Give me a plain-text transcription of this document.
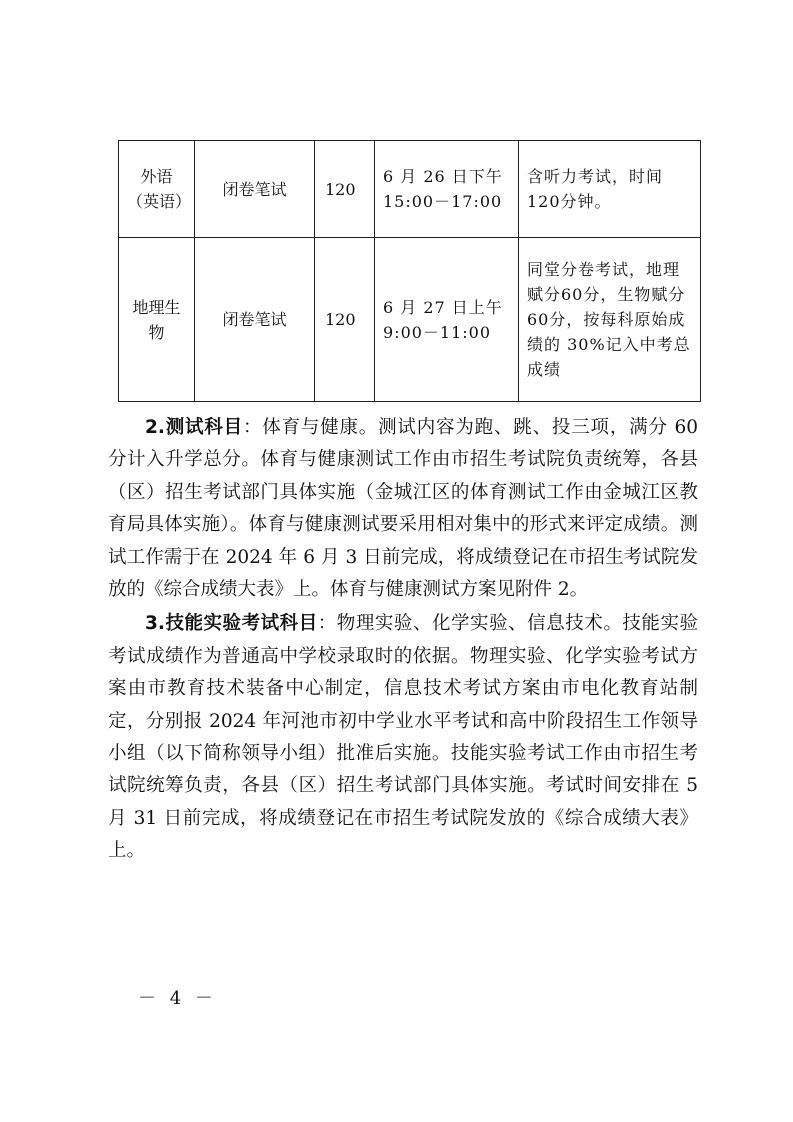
外语（英语）	闭卷笔试	120	6 月 26 日下午 15:00－17:00	含听力考试，时间120分钟。
地理生物	闭卷笔试	120	6 月 27 日上午 9:00－11:00	同堂分卷考试，地理赋分60分，生物赋分60分，按每科原始成绩的 30%记入中考总成绩

2.测试科目：体育与健康。测试内容为跑、跳、投三项，满分 60 分计入升学总分。体育与健康测试工作由市招生考试院负责统筹，各县（区）招生考试部门具体实施（金城江区的体育测试工作由金城江区教育局具体实施）。体育与健康测试要采用相对集中的形式来评定成绩。测试工作需于在 2024 年 6 月 3 日前完成，将成绩登记在市招生考试院发放的《综合成绩大表》上。体育与健康测试方案见附件 2。

3.技能实验考试科目：物理实验、化学实验、信息技术。技能实验考试成绩作为普通高中学校录取时的依据。物理实验、化学实验考试方案由市教育技术装备中心制定，信息技术考试方案由市电化教育站制定，分别报 2024 年河池市初中学业水平考试和高中阶段招生工作领导小组（以下简称领导小组）批准后实施。技能实验考试工作由市招生考试院统筹负责，各县（区）招生考试部门具体实施。考试时间安排在 5 月 31 日前完成，将成绩登记在市招生考试院发放的《综合成绩大表》上。

－ 4 －
